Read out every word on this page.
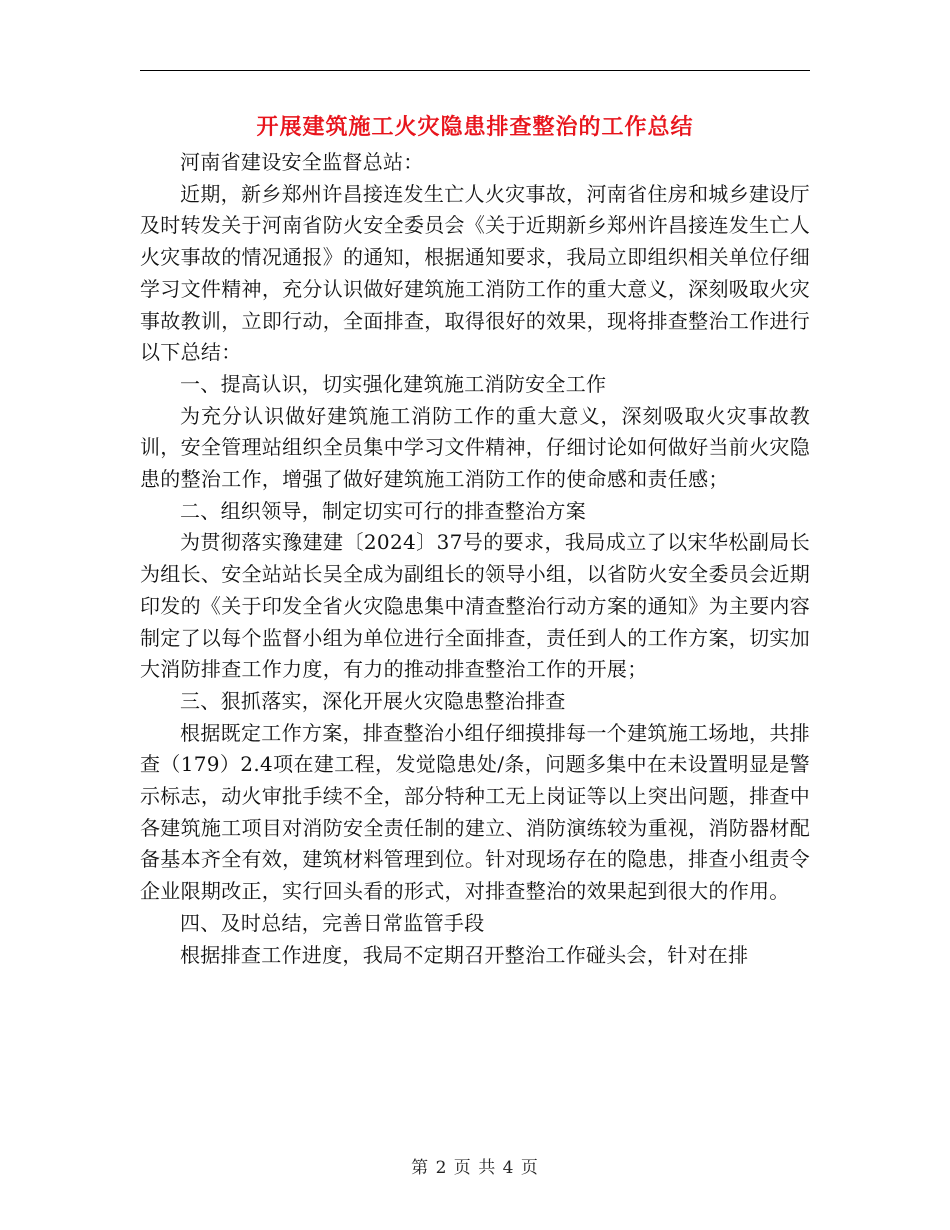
开展建筑施工火灾隐患排查整治的工作总结

河南省建设安全监督总站：

近期，新乡郑州许昌接连发生亡人火灾事故，河南省住房和城乡建设厅及时转发关于河南省防火安全委员会《关于近期新乡郑州许昌接连发生亡人火灾事故的情况通报》的通知，根据通知要求，我局立即组织相关单位仔细学习文件精神，充分认识做好建筑施工消防工作的重大意义，深刻吸取火灾事故教训，立即行动，全面排查，取得很好的效果，现将排查整治工作进行以下总结：

一、提高认识，切实强化建筑施工消防安全工作

为充分认识做好建筑施工消防工作的重大意义，深刻吸取火灾事故教训，安全管理站组织全员集中学习文件精神，仔细讨论如何做好当前火灾隐患的整治工作，增强了做好建筑施工消防工作的使命感和责任感；

二、组织领导，制定切实可行的排查整治方案

为贯彻落实豫建建〔2024〕37号的要求，我局成立了以宋华松副局长为组长、安全站站长吴全成为副组长的领导小组，以省防火安全委员会近期印发的《关于印发全省火灾隐患集中清查整治行动方案的通知》为主要内容制定了以每个监督小组为单位进行全面排查，责任到人的工作方案，切实加大消防排查工作力度，有力的推动排查整治工作的开展；

三、狠抓落实，深化开展火灾隐患整治排查

根据既定工作方案，排查整治小组仔细摸排每一个建筑施工场地，共排查（179）2.4项在建工程，发觉隐患处/条，问题多集中在未设置明显是警示标志，动火审批手续不全，部分特种工无上岗证等以上突出问题，排查中各建筑施工项目对消防安全责任制的建立、消防演练较为重视，消防器材配备基本齐全有效，建筑材料管理到位。针对现场存在的隐患，排查小组责令企业限期改正，实行回头看的形式，对排查整治的效果起到很大的作用。

四、及时总结，完善日常监管手段

根据排查工作进度，我局不定期召开整治工作碰头会，针对在排

第 2 页 共 4 页
